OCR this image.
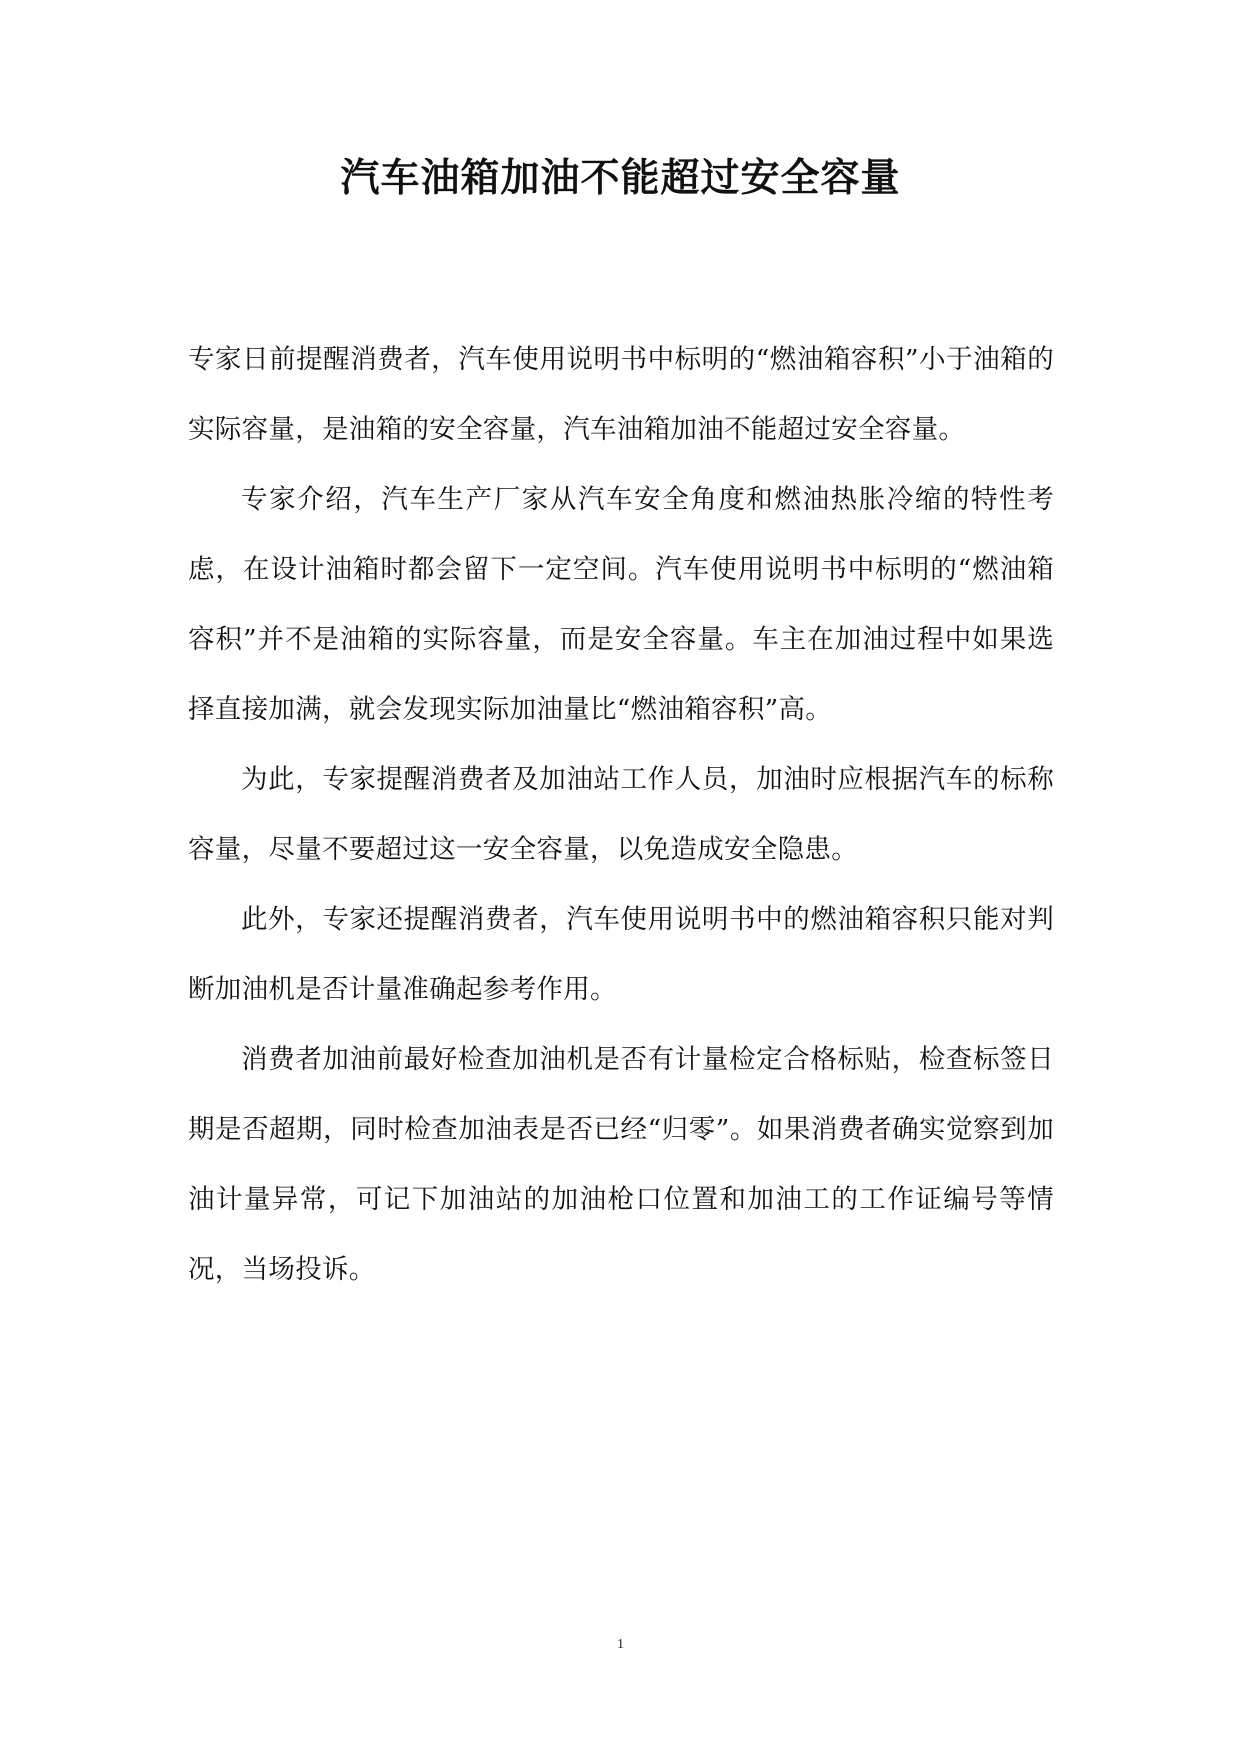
汽车油箱加油不能超过安全容量

专家日前提醒消费者，汽车使用说明书中标明的“燃油箱容积”小于油箱的实际容量，是油箱的安全容量，汽车油箱加油不能超过安全容量。

专家介绍，汽车生产厂家从汽车安全角度和燃油热胀冷缩的特性考虑，在设计油箱时都会留下一定空间。汽车使用说明书中标明的“燃油箱容积”并不是油箱的实际容量，而是安全容量。车主在加油过程中如果选择直接加满，就会发现实际加油量比“燃油箱容积”高。

为此，专家提醒消费者及加油站工作人员，加油时应根据汽车的标称容量，尽量不要超过这一安全容量，以免造成安全隐患。

此外，专家还提醒消费者，汽车使用说明书中的燃油箱容积只能对判断加油机是否计量准确起参考作用。

消费者加油前最好检查加油机是否有计量检定合格标贴，检查标签日期是否超期，同时检查加油表是否已经“归零”。如果消费者确实觉察到加油计量异常，可记下加油站的加油枪口位置和加油工的工作证编号等情况，当场投诉。

1
